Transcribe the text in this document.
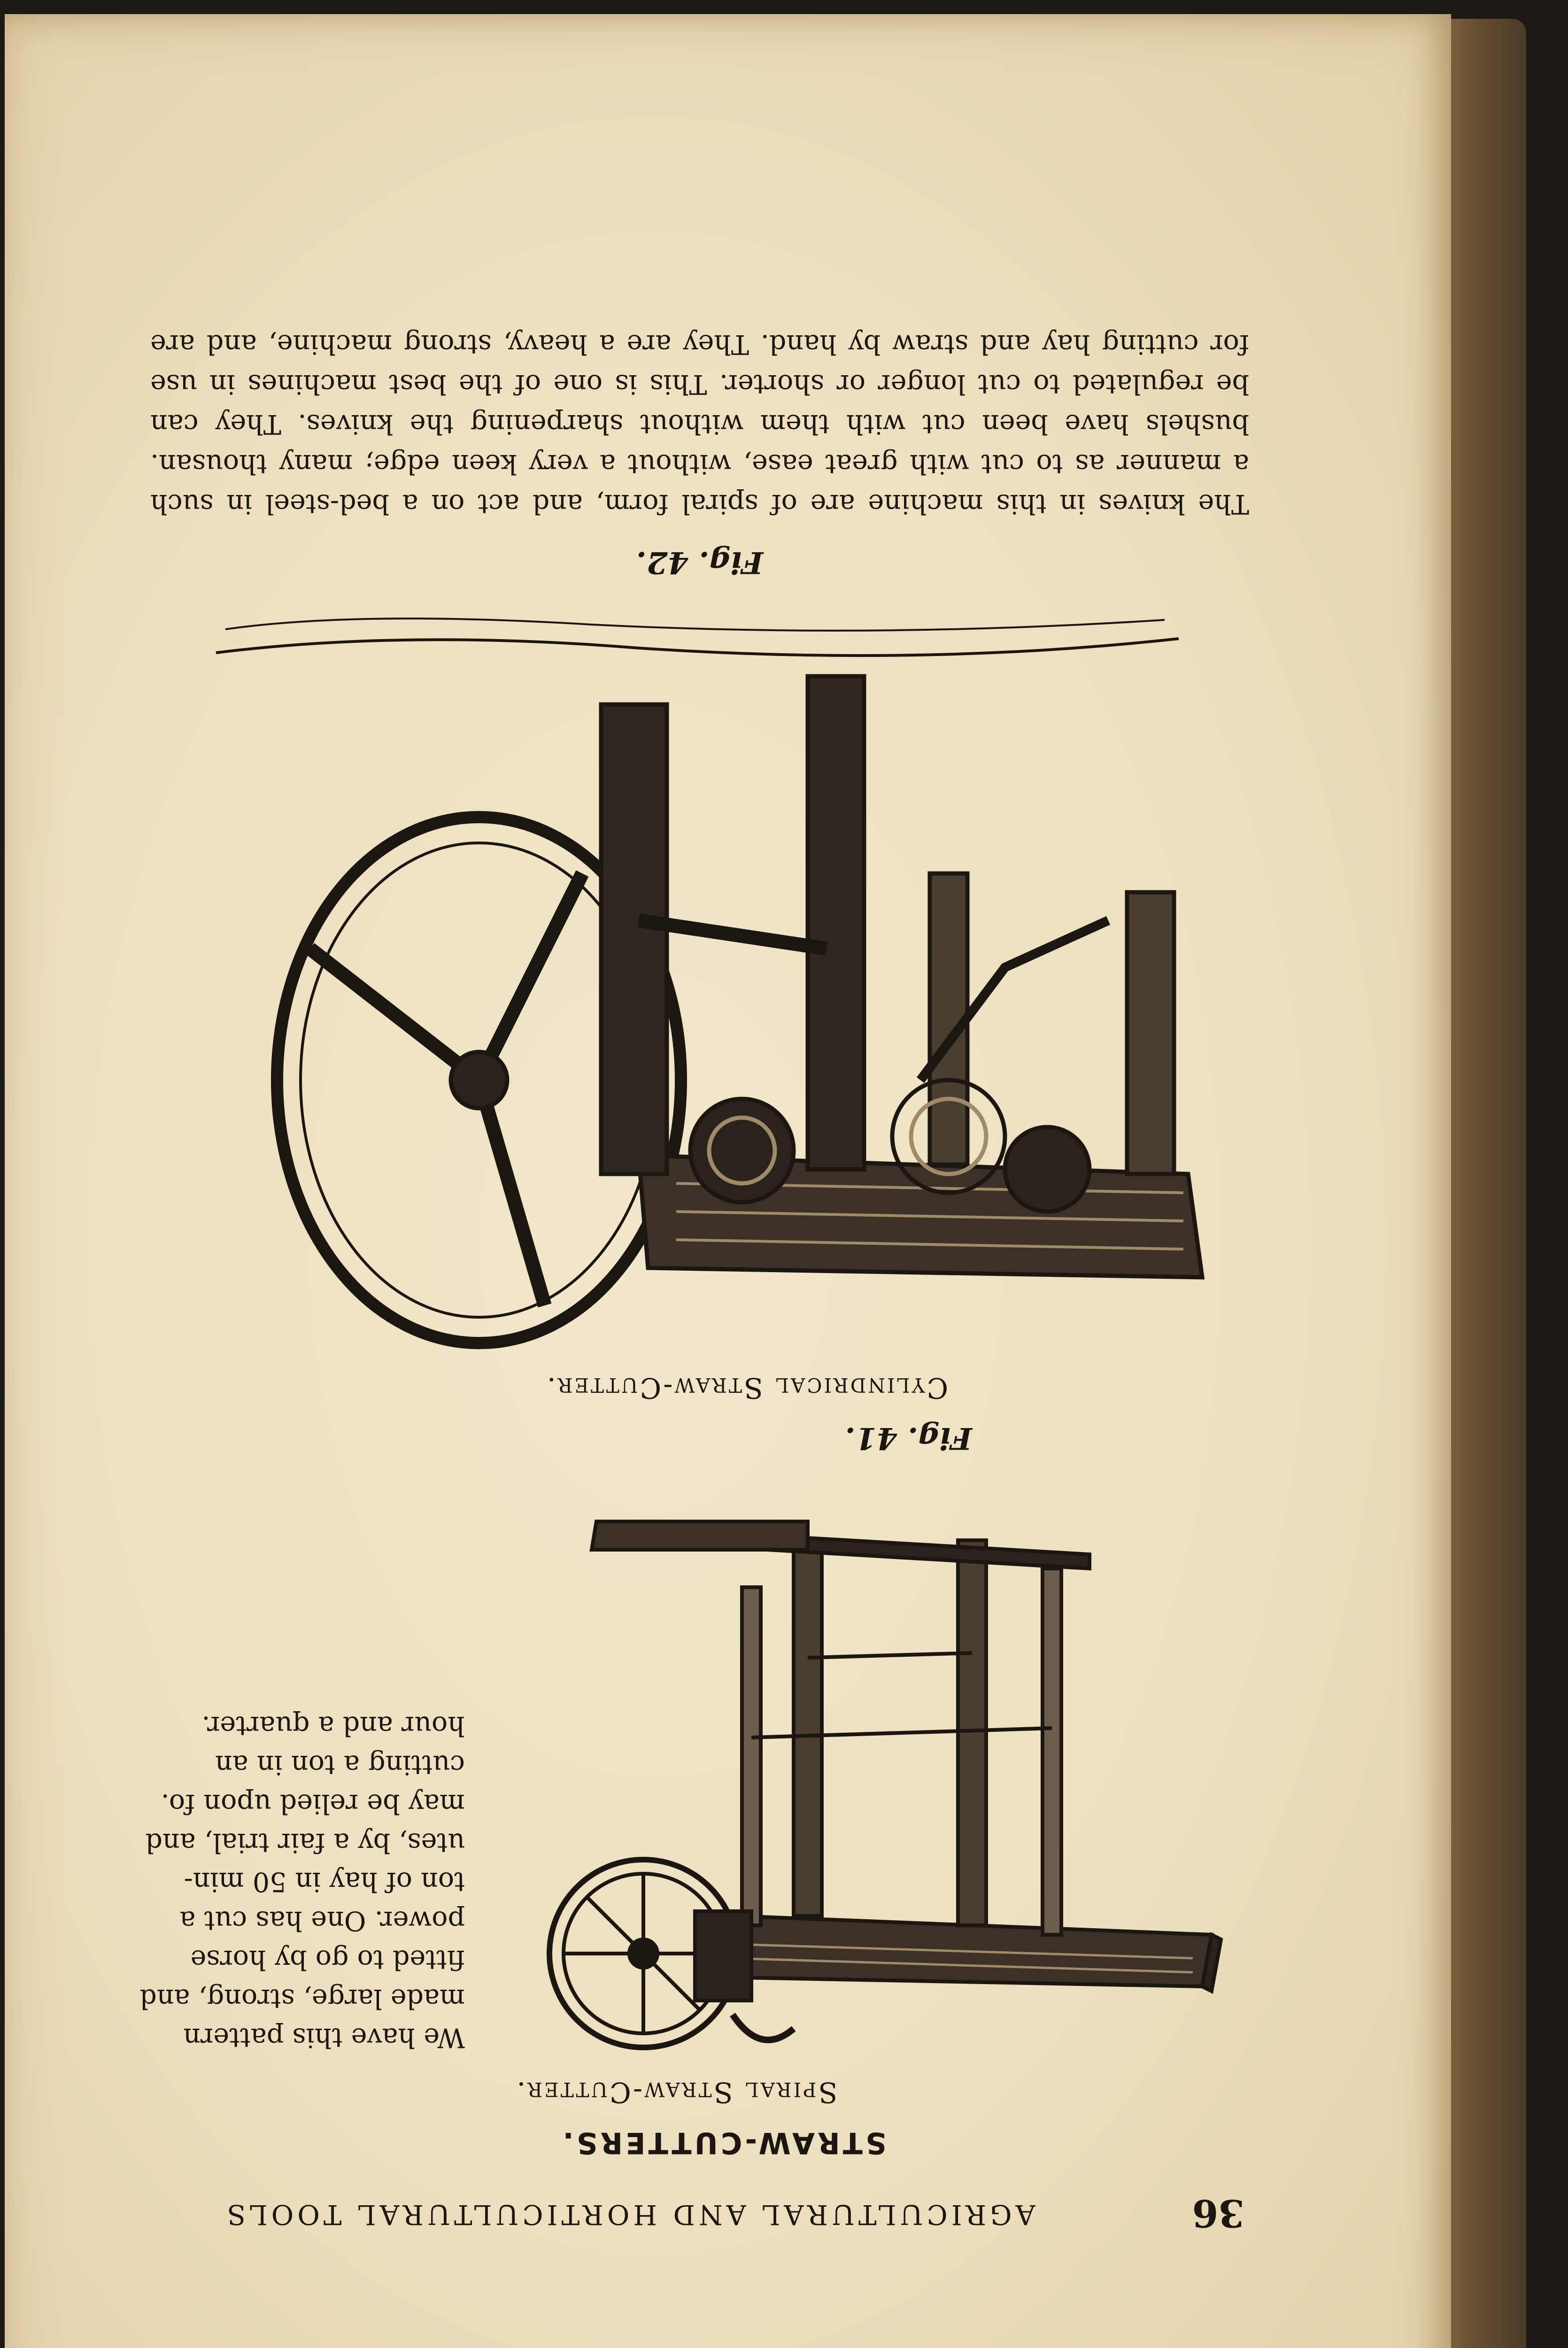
36
AGRICULTURAL AND HORTICULTURAL TOOLS
STRAW-CUTTERS.
Spiral Straw-Cutter.
We have this pattern
made large, strong, and
fitted to go by horse
power. One has cut a
ton of hay in 50 min-
utes, by a fair trial, and
may be relied upon fo.
cutting a ton in an
hour and a quarter.
Fig. 41.
Cylindrical Straw-Cutter.
Fig. 42.
The knives in this machine are of spiral form, and act on a bed-steel in such
a manner as to cut with great ease, without a very keen edge; many thousan.
bushels have been cut with them without sharpening the knives. They can
be regulated to cut longer or shorter. This is one of the best machines in use
for cutting hay and straw by hand. They are a heavy, strong machine, and are
